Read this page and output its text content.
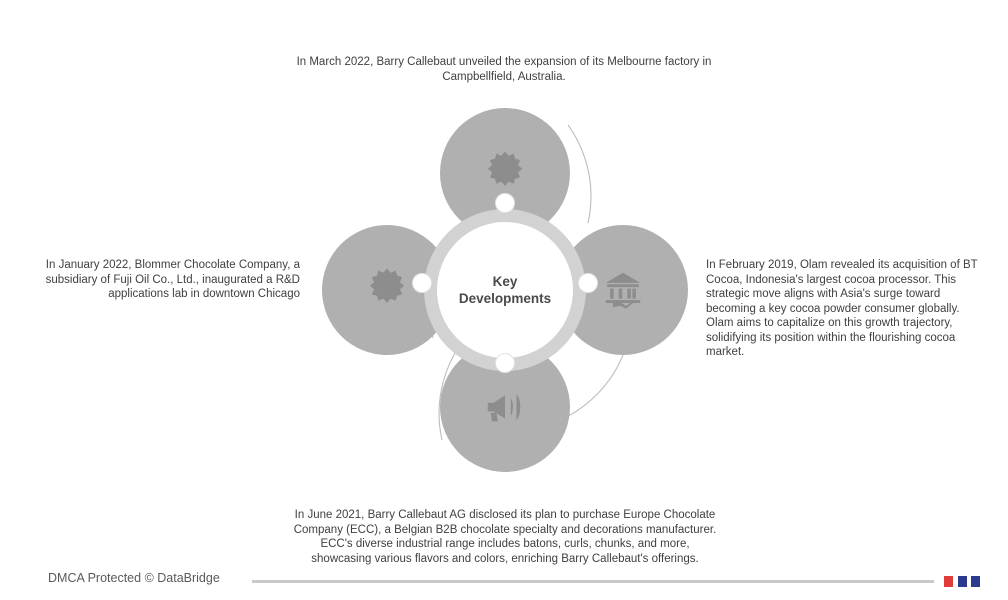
In March 2022, Barry Callebaut unveiled the expansion of its Melbourne factory in Campbellfield, Australia.
In January 2022, Blommer Chocolate Company, a subsidiary of Fuji Oil Co., Ltd., inaugurated a R&D applications lab in downtown Chicago
In February 2019, Olam revealed its acquisition of BT Cocoa, Indonesia's largest cocoa processor. This strategic move aligns with Asia's surge toward becoming a key cocoa powder consumer globally. Olam aims to capitalize on this growth trajectory, solidifying its position within the flourishing cocoa market.
In June 2021, Barry Callebaut AG disclosed its plan to purchase Europe Chocolate Company (ECC), a Belgian B2B chocolate specialty and decorations manufacturer. ECC's diverse industrial range includes batons, curls, chunks, and more, showcasing various flavors and colors, enriching Barry Callebaut's offerings.
Key
Developments
DMCA Protected © DataBridge
